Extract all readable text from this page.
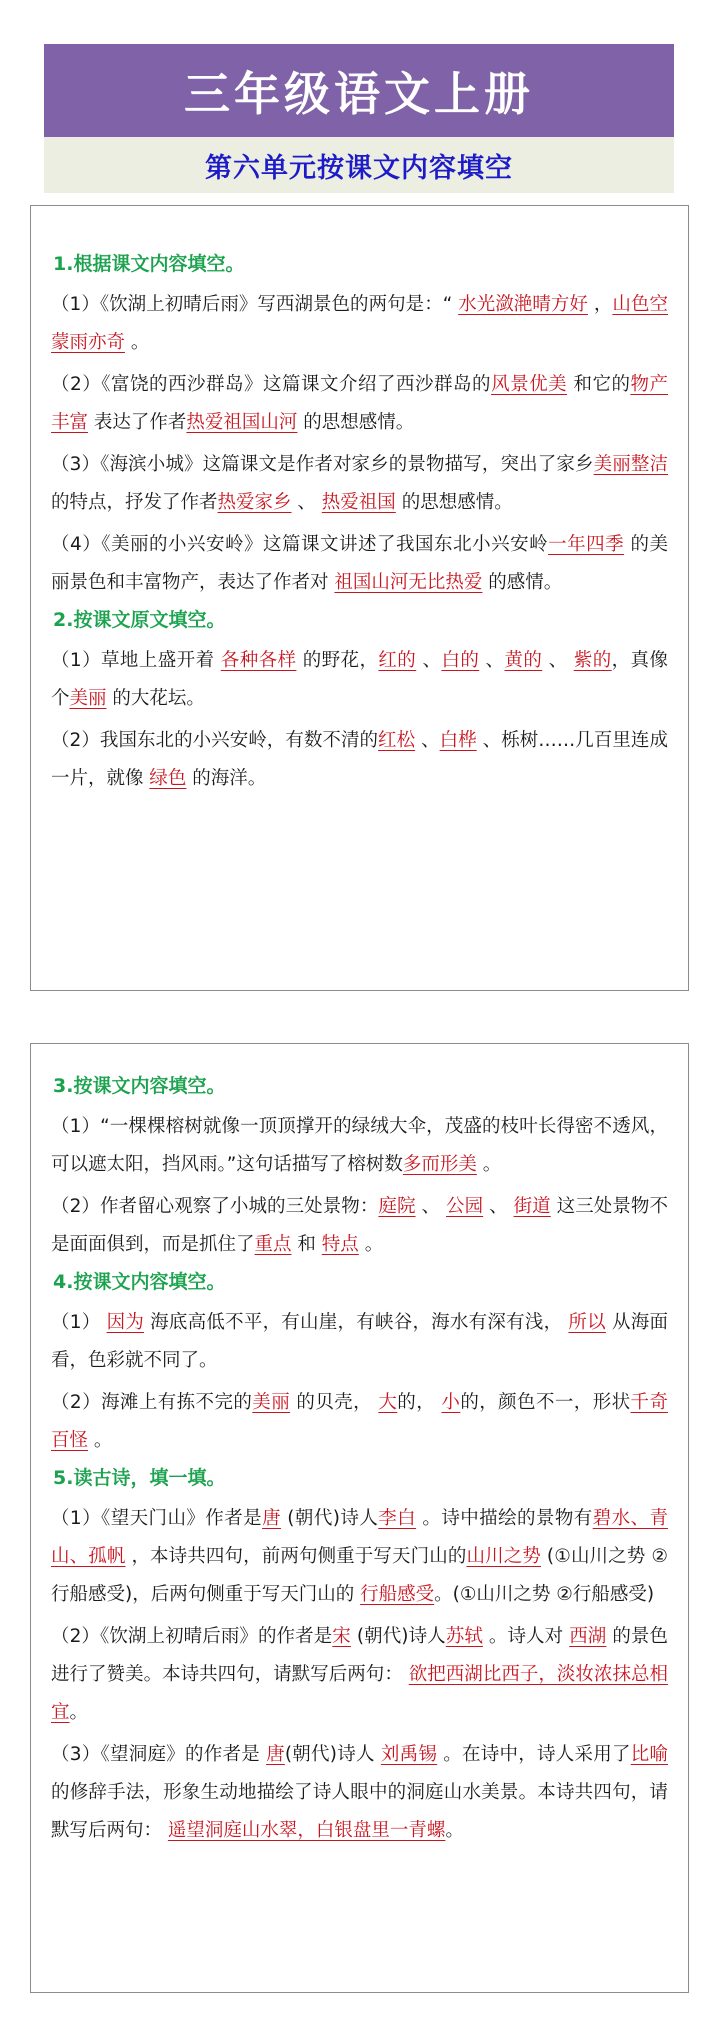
三年级语文上册
第六单元按课文内容填空
1.根据课文内容填空。

（1）《饮湖上初晴后雨》写西湖景色的两句是：“ 水光潋滟晴方好 ，山色空蒙雨亦奇 。

（2）《富饶的西沙群岛》这篇课文介绍了西沙群岛的风景优美 和它的物产丰富 表达了作者热爱祖国山河 的思想感情。

（3）《海滨小城》这篇课文是作者对家乡的景物描写，突出了家乡美丽整洁 的特点，抒发了作者热爱家乡 、 热爱祖国 的思想感情。

（4）《美丽的小兴安岭》这篇课文讲述了我国东北小兴安岭一年四季 的美丽景色和丰富物产，表达了作者对 祖国山河无比热爱 的感情。

2.按课文原文填空。

（1）草地上盛开着 各种各样 的野花，红的 、白的 、黄的 、 紫的，真像个美丽 的大花坛。

（2）我国东北的小兴安岭，有数不清的红松 、白桦 、栎树……几百里连成一片，就像 绿色 的海洋。

3.按课文内容填空。

（1）“一棵棵榕树就像一顶顶撑开的绿绒大伞，茂盛的枝叶长得密不透风，可以遮太阳，挡风雨。”这句话描写了榕树数多而形美 。

（2）作者留心观察了小城的三处景物：庭院 、 公园 、 街道 这三处景物不是面面俱到，而是抓住了重点 和 特点 。

4.按课文内容填空。

（1） 因为 海底高低不平，有山崖，有峡谷，海水有深有浅， 所以 从海面看，色彩就不同了。

（2）海滩上有拣不完的美丽 的贝壳， 大的， 小的，颜色不一，形状千奇百怪 。

5.读古诗，填一填。

（1）《望天门山》作者是唐 (朝代)诗人李白 。诗中描绘的景物有碧水、青山、孤帆 ，本诗共四句，前两句侧重于写天门山的山川之势 (①山川之势 ②行船感受)，后两句侧重于写天门山的 行船感受。(①山川之势 ②行船感受)

（2）《饮湖上初晴后雨》的作者是宋 (朝代)诗人苏轼 。诗人对 西湖 的景色进行了赞美。本诗共四句，请默写后两句： 欲把西湖比西子，淡妆浓抹总相宜。

（3）《望洞庭》的作者是 唐(朝代)诗人 刘禹锡 。在诗中，诗人采用了比喻 的修辞手法，形象生动地描绘了诗人眼中的洞庭山水美景。本诗共四句，请默写后两句： 遥望洞庭山水翠，白银盘里一青螺。
